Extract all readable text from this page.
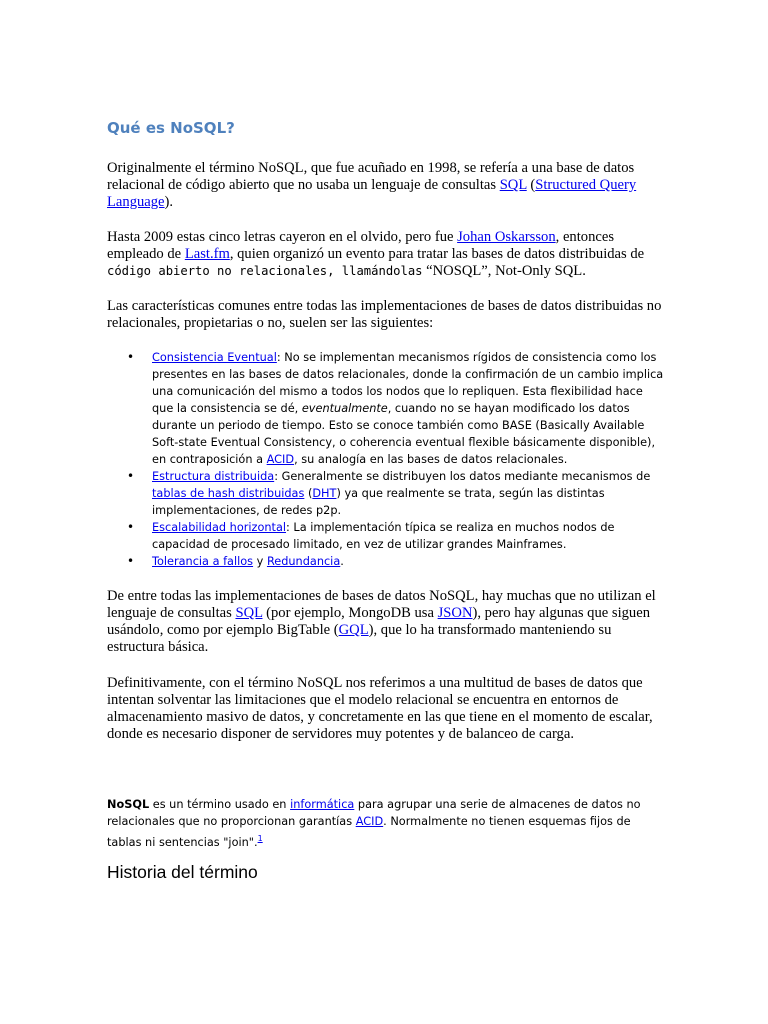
Qué es NoSQL?

Originalmente el término NoSQL, que fue acuñado en 1998, se refería a una base de datos relacional de código abierto que no usaba un lenguaje de consultas SQL (Structured Query Language).

Hasta 2009 estas cinco letras cayeron en el olvido, pero fue Johan Oskarsson, entonces empleado de Last.fm, quien organizó un evento para tratar las bases de datos distribuidas de código abierto no relacionales, llamándolas “NOSQL”, Not-Only SQL.

Las características comunes entre todas las implementaciones de bases de datos distribuidas no relacionales, propietarias o no, suelen ser las siguientes:

• Consistencia Eventual: No se implementan mecanismos rígidos de consistencia como los presentes en las bases de datos relacionales, donde la confirmación de un cambio implica una comunicación del mismo a todos los nodos que lo repliquen. Esta flexibilidad hace que la consistencia se dé, eventualmente, cuando no se hayan modificado los datos durante un periodo de tiempo. Esto se conoce también como BASE (Basically Available Soft-state Eventual Consistency, o coherencia eventual flexible básicamente disponible), en contraposición a ACID, su analogía en las bases de datos relacionales.
• Estructura distribuida: Generalmente se distribuyen los datos mediante mecanismos de tablas de hash distribuidas (DHT) ya que realmente se trata, según las distintas implementaciones, de redes p2p.
• Escalabilidad horizontal: La implementación típica se realiza en muchos nodos de capacidad de procesado limitado, en vez de utilizar grandes Mainframes.
• Tolerancia a fallos y Redundancia.

De entre todas las implementaciones de bases de datos NoSQL, hay muchas que no utilizan el lenguaje de consultas SQL (por ejemplo, MongoDB usa JSON), pero hay algunas que siguen usándolo, como por ejemplo BigTable (GQL), que lo ha transformado manteniendo su estructura básica.

Definitivamente, con el término NoSQL nos referimos a una multitud de bases de datos que intentan solventar las limitaciones que el modelo relacional se encuentra en entornos de almacenamiento masivo de datos, y concretamente en las que tiene en el momento de escalar, donde es necesario disponer de servidores muy potentes y de balanceo de carga.

NoSQL es un término usado en informática para agrupar una serie de almacenes de datos no relacionales que no proporcionan garantías ACID. Normalmente no tienen esquemas fijos de tablas ni sentencias "join".$^1$

Historia del término
